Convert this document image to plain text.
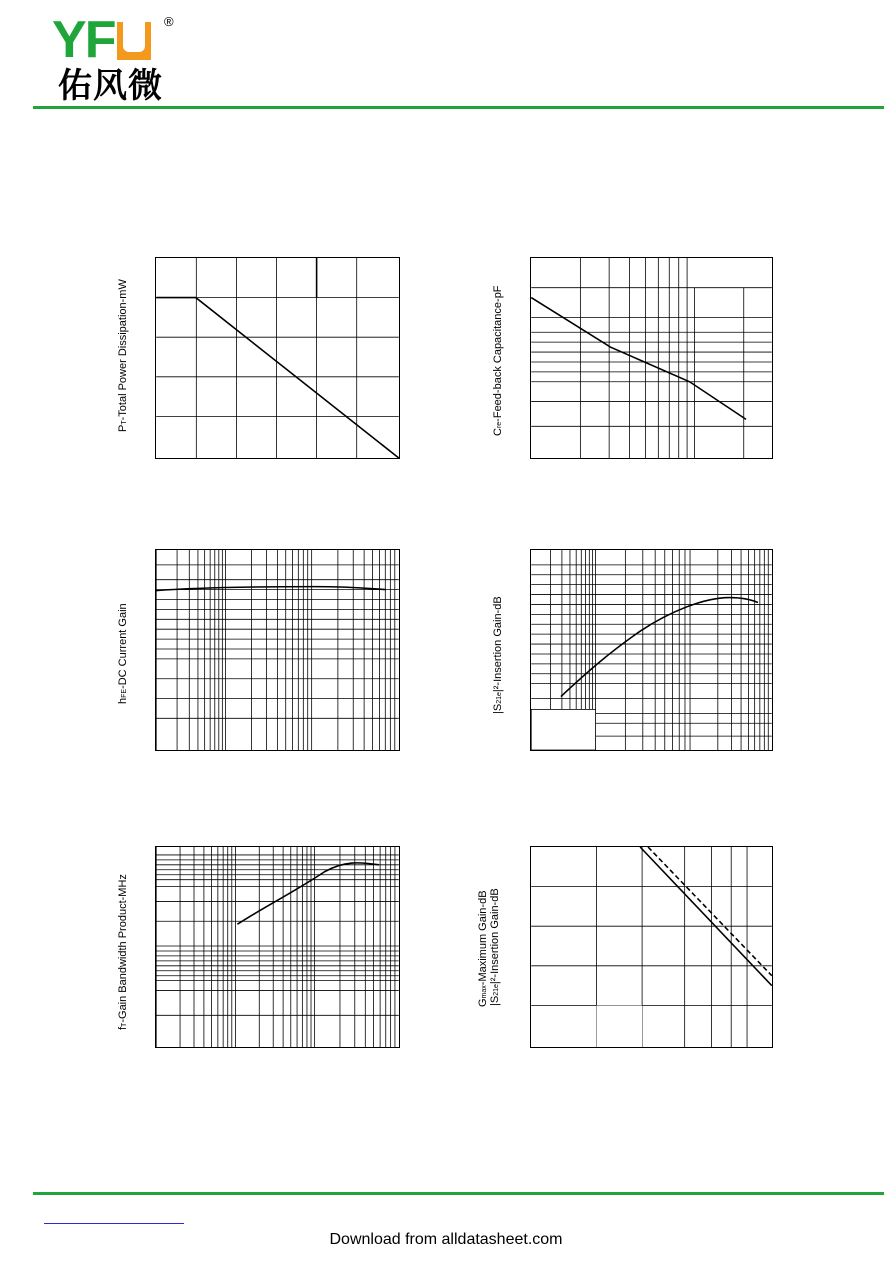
YF	®
佑风微
PT-Total Power Dissipation-mW
Cre-Feed-back Capacitance-pF
hFE-DC Current Gain
|S21e|²-Insertion Gain-dB
fT-Gain Bandwidth Product-MHz	Gmax-Maximum Gain-dB
|S21e|²-Insertion Gain-dB
Download from alldatasheet.com
